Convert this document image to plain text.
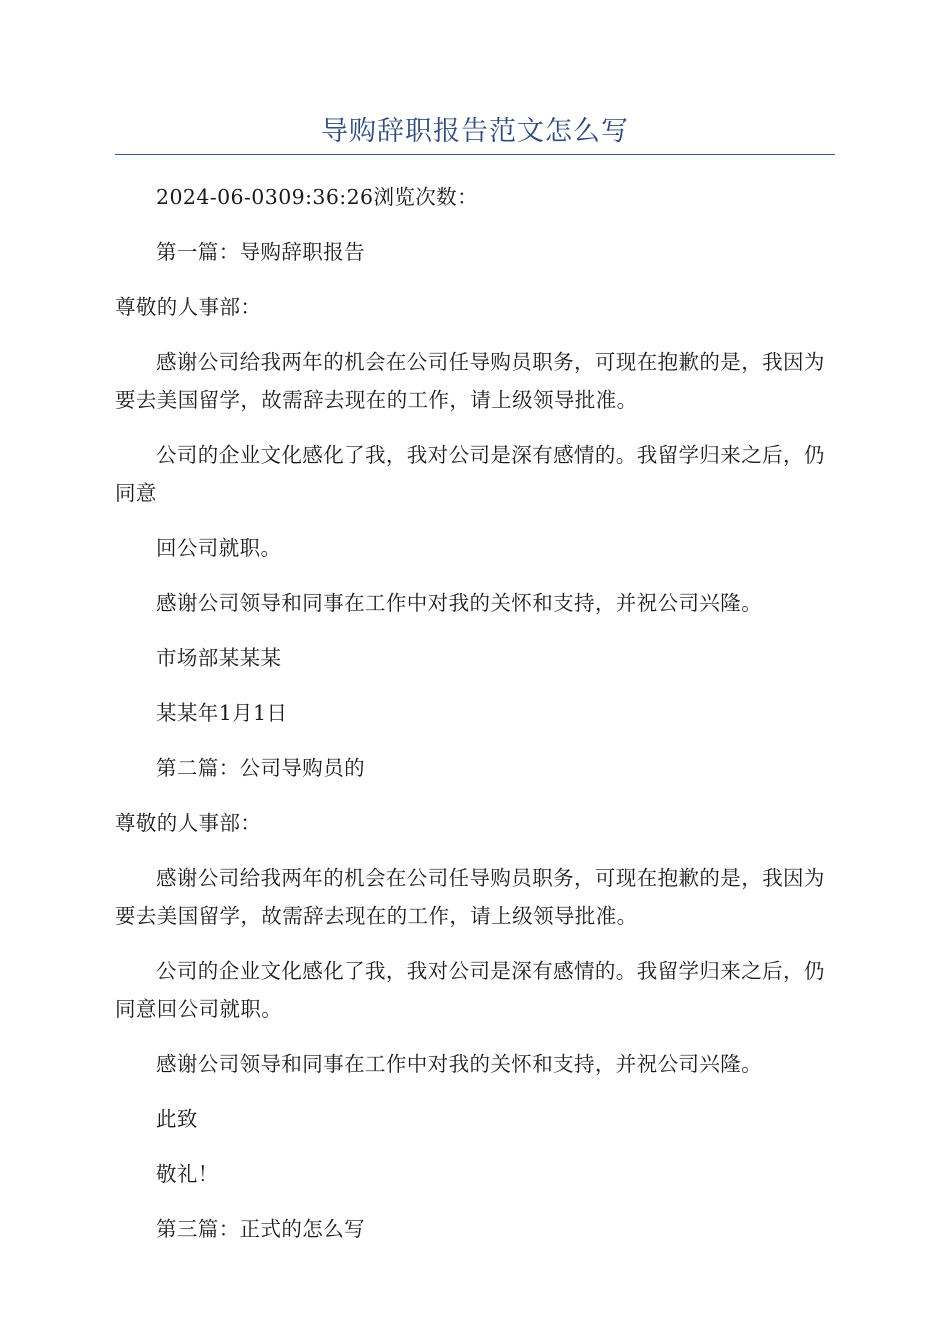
导购辞职报告范文怎么写

2024-06-0309:36:26浏览次数：

第一篇：导购辞职报告

尊敬的人事部：

感谢公司给我两年的机会在公司任导购员职务，可现在抱歉的是，我因为要去美国留学，故需辞去现在的工作，请上级领导批准。

公司的企业文化感化了我，我对公司是深有感情的。我留学归来之后，仍同意

回公司就职。

感谢公司领导和同事在工作中对我的关怀和支持，并祝公司兴隆。

市场部某某某

某某年1月1日

第二篇：公司导购员的

尊敬的人事部：

感谢公司给我两年的机会在公司任导购员职务，可现在抱歉的是，我因为要去美国留学，故需辞去现在的工作，请上级领导批准。

公司的企业文化感化了我，我对公司是深有感情的。我留学归来之后，仍同意回公司就职。

感谢公司领导和同事在工作中对我的关怀和支持，并祝公司兴隆。

此致

敬礼！

第三篇：正式的怎么写
